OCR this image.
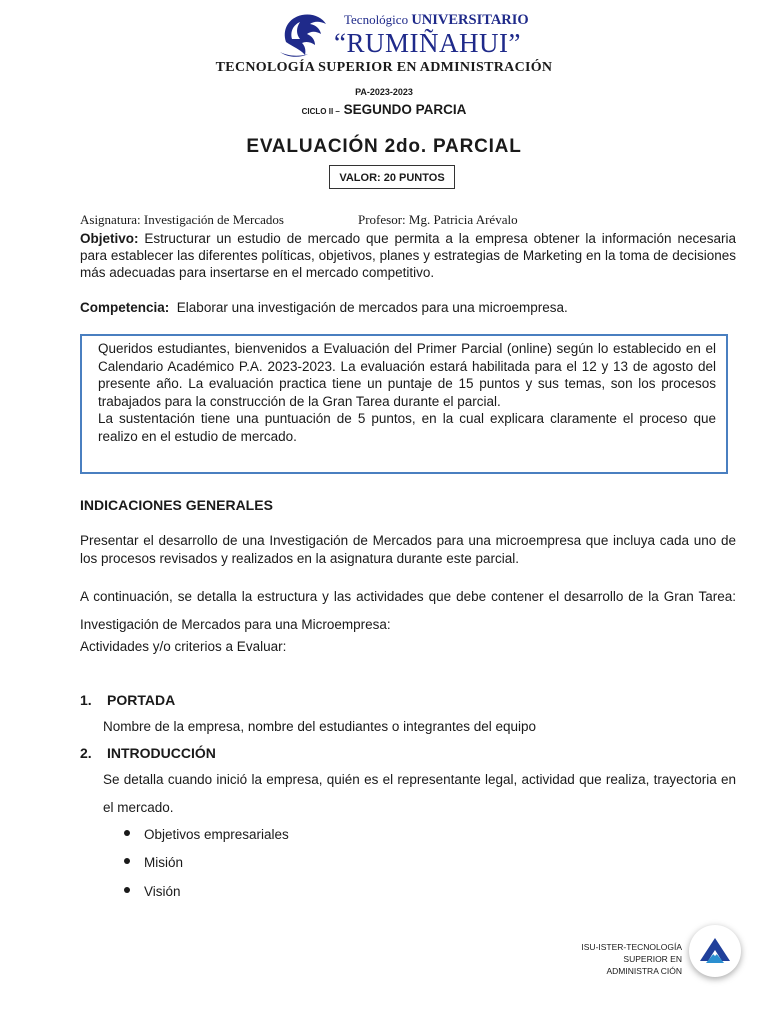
Tecnológico UNIVERSITARIO
“RUMIÑAHUI”
TECNOLOGÍA SUPERIOR EN ADMINISTRACIÓN
PA-2023-2023
CICLO II – SEGUNDO PARCIA
EVALUACIÓN 2do. PARCIAL
VALOR: 20 PUNTOS
Asignatura: Investigación de Mercados	Profesor: Mg. Patricia Arévalo
Objetivo: Estructurar un estudio de mercado que permita a la empresa obtener la información necesaria para establecer las diferentes políticas, objetivos, planes y estrategias de Marketing en la toma de decisiones más adecuadas para insertarse en el mercado competitivo.
Competencia: Elaborar una investigación de mercados para una microempresa.
Queridos estudiantes, bienvenidos a Evaluación del Primer Parcial (online) según lo establecido en el Calendario Académico P.A. 2023-2023. La evaluación estará habilitada para el 12 y 13 de agosto del presente año. La evaluación practica tiene un puntaje de 15 puntos y sus temas, son los procesos trabajados para la construcción de la Gran Tarea durante el parcial.
La sustentación tiene una puntuación de 5 puntos, en la cual explicara claramente el proceso que realizo en el estudio de mercado.
INDICACIONES GENERALES
Presentar el desarrollo de una Investigación de Mercados para una microempresa que incluya cada uno de los procesos revisados y realizados en la asignatura durante este parcial.
A continuación, se detalla la estructura y las actividades que debe contener el desarrollo de la Gran Tarea: Investigación de Mercados para una Microempresa:
Actividades y/o criterios a Evaluar:
1. PORTADA
Nombre de la empresa, nombre del estudiantes o integrantes del equipo
2. INTRODUCCIÓN
Se detalla cuando inició la empresa, quién es el representante legal, actividad que realiza, trayectoria en el mercado.
Objetivos empresariales
Misión
Visión
ISU-ISTER-TECNOLOGÍA
SUPERIOR EN
ADMINISTRA CIÓN
